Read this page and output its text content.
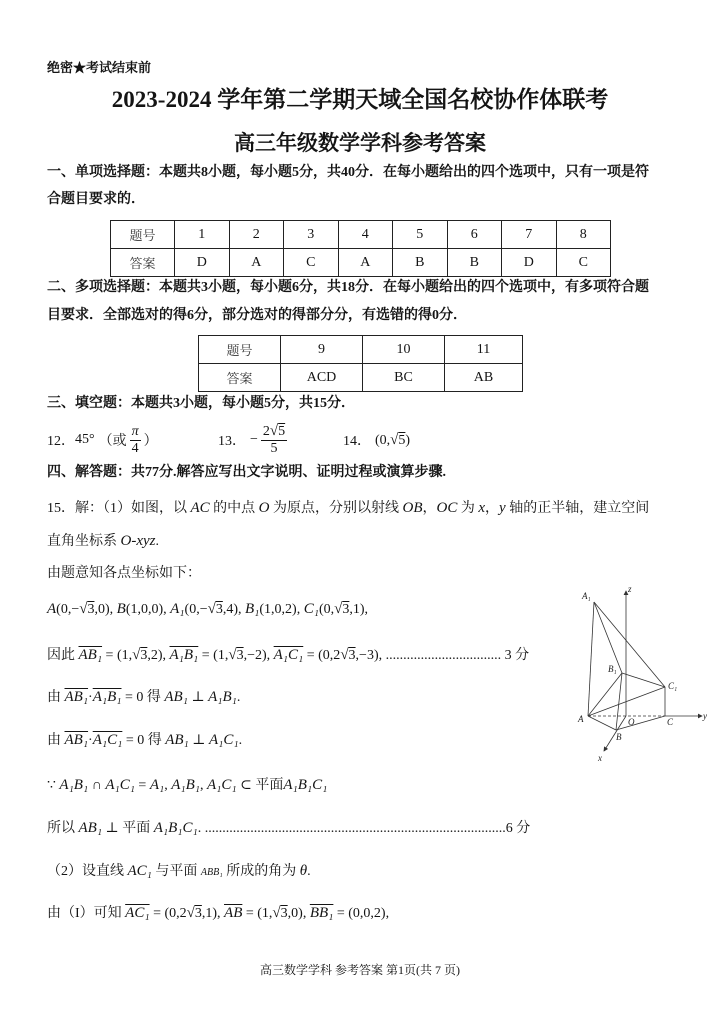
绝密★考试结束前
2023-2024 学年第二学期天域全国名校协作体联考
高三年级数学学科参考答案
一、单项选择题：本题共8小题，每小题5分，共40分．在每小题给出的四个选项中，只有一项是符
合题目要求的．
题号	1	2	3	4	5	6	7	8
答案	D	A	C	A	B	B	D	C
二、多项选择题：本题共3小题，每小题6分，共18分．在每小题给出的四个选项中，有多项符合题
目要求．全部选对的得6分，部分选对的得部分分，有选错的得0分．
题号	9	10	11
答案	ACD	BC	AB
三、填空题：本题共3小题，每小题5分，共15分．
12． 45° （或 $\frac{\pi}{4}$ ）	13． − $\frac{2√5}{5}$	14． (0,√5)
四、解答题：共77分.解答应写出文字说明、证明过程或演算步骤.
15．解：（1）如图，以 AC 的中点 O 为原点，分别以射线 OB，OC 为 x，y 轴的正半轴，建立空间
直角坐标系 O-xyz.
由题意知各点坐标如下：
A(0,−√3,0), B(1,0,0), A₁(0,−√3,4), B₁(1,0,2), C₁(0,√3,1),
因此 AB₁ = (1,√3,2), A₁B₁ = (1,√3,−2), A₁C₁ = (0,2√3,−3), ................................. 3 分
由 AB₁·A₁B₁ = 0 得 AB₁ ⊥ A₁B₁.
由 AB₁·A₁C₁ = 0 得 AB₁ ⊥ A₁C₁.
∵ A₁B₁ ∩ A₁C₁ = A₁, A₁B₁, A₁C₁ ⊂ 平面A₁B₁C₁
所以 AB₁ ⊥ 平面 A₁B₁C₁. ......................................................................................6 分
（2）设直线 AC₁ 与平面 ABB₁ 所成的角为 θ.
由（I）可知 AC₁ = (0,2√3,1), $\overline{AB} = (1,√3,0)$, BB₁ = (0,0,2),
A₁
z
B₁
C₁
A	O
B
C
y
x
高三数学学科 参考答案 第1页(共 7 页)
